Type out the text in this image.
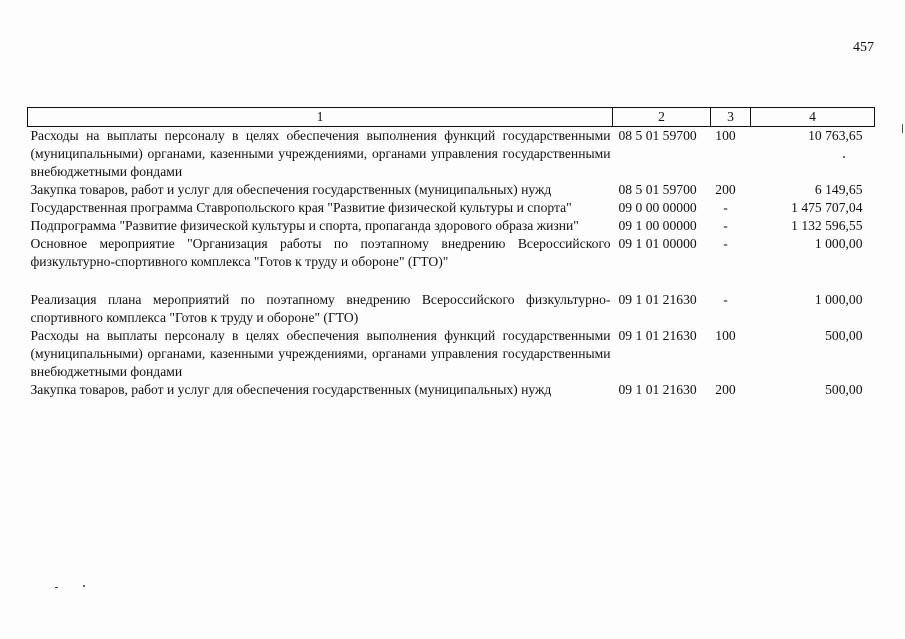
457
1	2	3	4
Расходы на выплаты персоналу в целях обеспечения выполнения функций государственными (муниципальными) органами, казенными учреждениями, органами управления государственными внебюджетными фондами	08 5 01 59700	100	10 763,65
Закупка товаров, работ и услуг для обеспечения государственных (муниципальных) нужд	08 5 01 59700	200	6 149,65
Государственная программа Ставропольского края "Развитие физической культуры и спорта"	09 0 00 00000	-	1 475 707,04
Подпрограмма "Развитие физической культуры и спорта, пропаганда здорового образа жизни"	09 1 00 00000	-	1 132 596,55
Основное мероприятие "Организация работы по поэтапному внедрению Всероссийского физкультурно-спортивного комплекса "Готов к труду и обороне" (ГТО)"	09 1 01 00000	-	1 000,00

Реализация плана мероприятий по поэтапному внедрению Всероссийского физкультурно-спортивного комплекса "Готов к труду и обороне" (ГТО)	09 1 01 21630	-	1 000,00
Расходы на выплаты персоналу в целях обеспечения выполнения функций государственными (муниципальными) органами, казенными учреждениями, органами управления государственными внебюджетными фондами	09 1 01 21630	100	500,00
Закупка товаров, работ и услуг для обеспечения государственных (муниципальных) нужд	09 1 01 21630	200	500,00
